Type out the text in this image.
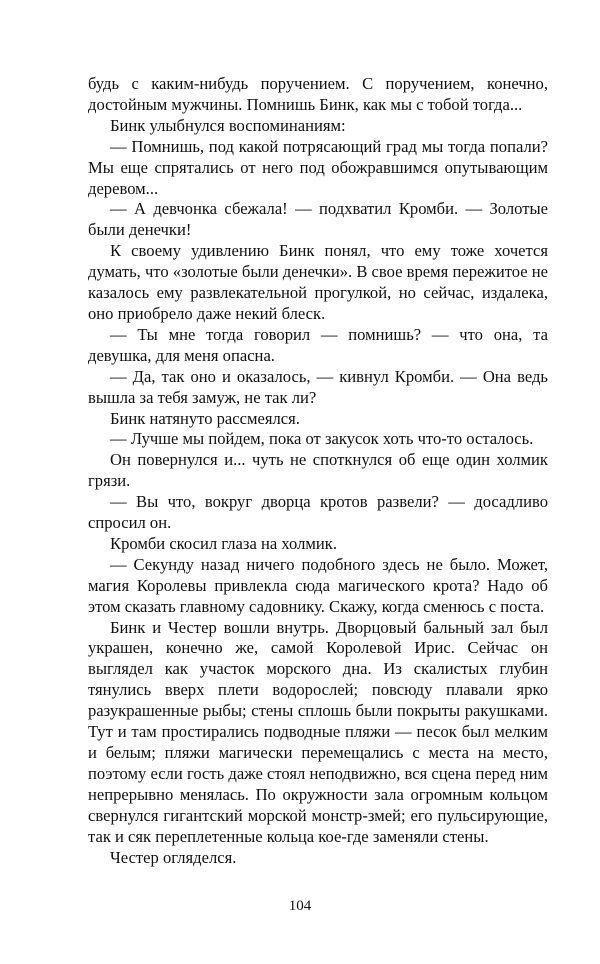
будь с каким-нибудь поручением. С поручением, конечно, достойным мужчины. Помнишь Бинк, как мы с тобой тогда...

Бинк улыбнулся воспоминаниям:

— Помнишь, под какой потрясающий град мы тогда попали? Мы еще спрятались от него под обожравшимся опутывающим деревом...

— А девчонка сбежала! — подхватил Кромби. — Золотые были денечки!

К своему удивлению Бинк понял, что ему тоже хочется думать, что «золотые были денечки». В свое время пережитое не казалось ему развлекательной прогулкой, но сейчас, издалека, оно приобрело даже некий блеск.

— Ты мне тогда говорил — помнишь? — что она, та девушка, для меня опасна.

— Да, так оно и оказалось, — кивнул Кромби. — Она ведь вышла за тебя замуж, не так ли?

Бинк натянуто рассмеялся.

— Лучше мы пойдем, пока от закусок хоть что-то осталось.

Он повернулся и... чуть не споткнулся об еще один холмик грязи.

— Вы что, вокруг дворца кротов развели? — досадливо спросил он.

Кромби скосил глаза на холмик.

— Секунду назад ничего подобного здесь не было. Может, магия Королевы привлекла сюда магического крота? Надо об этом сказать главному садовнику. Скажу, когда сменюсь с поста.

Бинк и Честер вошли внутрь. Дворцовый бальный зал был украшен, конечно же, самой Королевой Ирис. Сейчас он выглядел как участок морского дна. Из скалистых глубин тянулись вверх плети водорослей; повсюду плавали ярко разукрашенные рыбы; стены сплошь были покрыты ракушками. Тут и там простирались подводные пляжи — песок был мелким и белым; пляжи магически перемещались с места на место, поэтому если гость даже стоял неподвижно, вся сцена перед ним непрерывно менялась. По окружности зала огромным кольцом свернулся гигантский морской монстр-змей; его пульсирующие, так и сяк переплетенные кольца кое-где заменяли стены.

Честер огляделся.

104
